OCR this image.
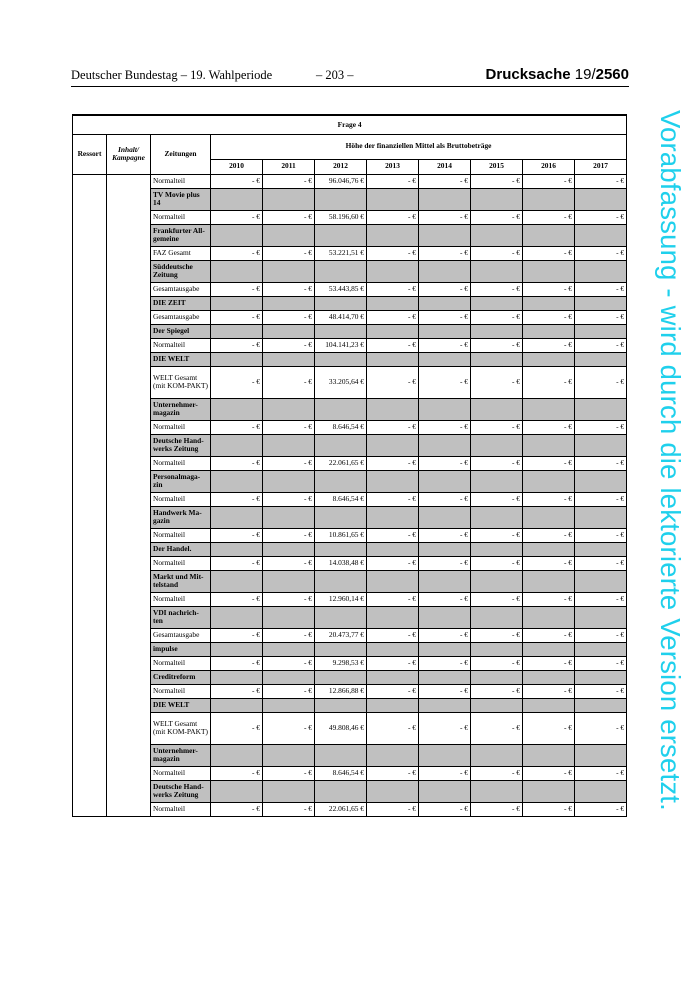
Deutscher Bundestag – 19. Wahlperiode	– 203 –	Drucksache 19/2560
Vorabfassung - wird durch die lektorierte Version ersetzt.
Frage 4										
Ressort	Inhalt/ Kampagne	Zeitungen	Höhe der finanziellen Mittel als Bruttobeträge							
			2010	2011	2012	2013	2014	2015	2016	2017
		Normalteil	- €	- €	96.046,76 €	- €	- €	- €	- €	- €
		TV Movie plus 14								
		Normalteil	- €	- €	58.196,60 €	- €	- €	- €	- €	- €
		Frankfurter All-gemeine								
		FAZ Gesamt	- €	- €	53.221,51 €	- €	- €	- €	- €	- €
		Süddeutsche Zeitung								
		Gesamtausgabe	- €	- €	53.443,85 €	- €	- €	- €	- €	- €
		DIE ZEIT								
		Gesamtausgabe	- €	- €	48.414,70 €	- €	- €	- €	- €	- €
		Der Spiegel								
		Normalteil	- €	- €	104.141,23 €	- €	- €	- €	- €	- €
		DIE WELT								
		WELT Gesamt (mit KOM-PAKT)	- €	- €	33.205,64 €	- €	- €	- €	- €	- €
		Unternehmer-magazin								
		Normalteil	- €	- €	8.646,54 €	- €	- €	- €	- €	- €
		Deutsche Hand-werks Zeitung								
		Normalteil	- €	- €	22.061,65 €	- €	- €	- €	- €	- €
		Personalmaga-zin								
		Normalteil	- €	- €	8.646,54 €	- €	- €	- €	- €	- €
		Handwerk Ma-gazin								
		Normalteil	- €	- €	10.861,65 €	- €	- €	- €	- €	- €
		Der Handel.								
		Normalteil	- €	- €	14.038,48 €	- €	- €	- €	- €	- €
		Markt und Mit-telstand								
		Normalteil	- €	- €	12.960,14 €	- €	- €	- €	- €	- €
		VDI nachrich-ten								
		Gesamtausgabe	- €	- €	20.473,77 €	- €	- €	- €	- €	- €
		impulse								
		Normalteil	- €	- €	9.298,53 €	- €	- €	- €	- €	- €
		Creditreform								
		Normalteil	- €	- €	12.866,88 €	- €	- €	- €	- €	- €
		DIE WELT								
		WELT Gesamt (mit KOM-PAKT)	- €	- €	49.808,46 €	- €	- €	- €	- €	- €
		Unternehmer-magazin								
		Normalteil	- €	- €	8.646,54 €	- €	- €	- €	- €	- €
		Deutsche Hand-werks Zeitung								
		Normalteil	- €	- €	22.061,65 €	- €	- €	- €	- €	- €
